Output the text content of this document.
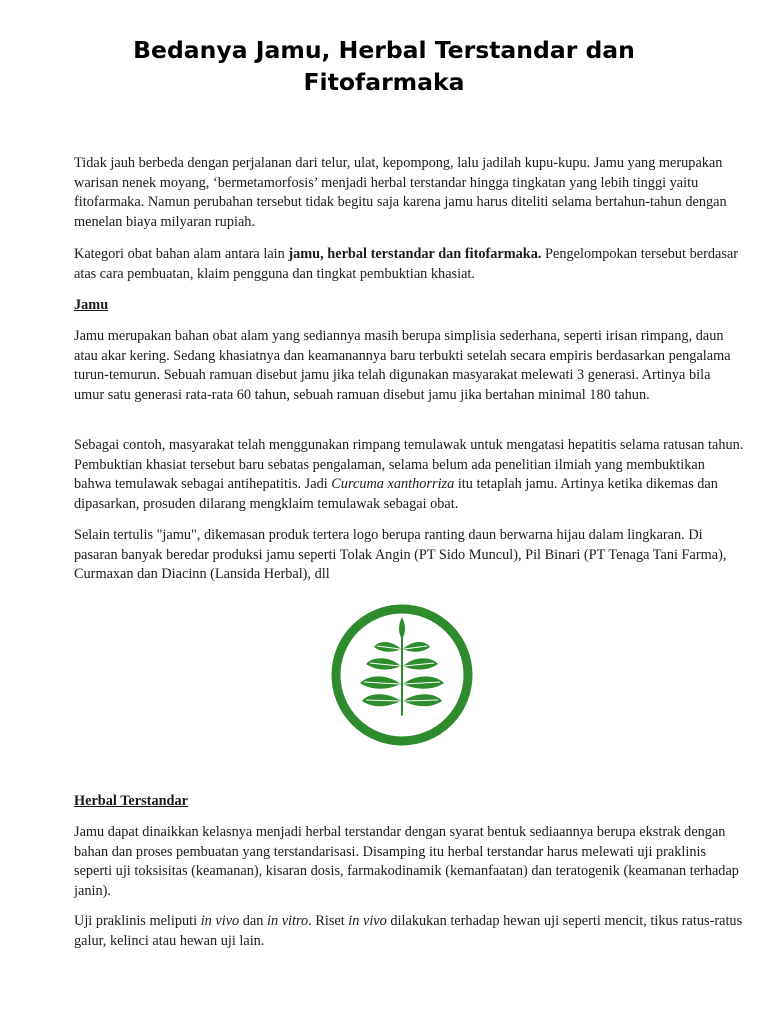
Bedanya Jamu, Herbal Terstandar dan
Fitofarmaka

Tidak jauh berbeda dengan perjalanan dari telur, ulat, kepompong, lalu jadilah kupu-kupu. Jamu yang merupakan warisan nenek moyang, ‘bermetamorfosis’ menjadi herbal terstandar hingga tingkatan yang lebih tinggi yaitu fitofarmaka. Namun perubahan tersebut tidak begitu saja karena jamu harus diteliti selama bertahun-tahun dengan menelan biaya milyaran rupiah.

Kategori obat bahan alam antara lain jamu, herbal terstandar dan fitofarmaka. Pengelompokan tersebut berdasar atas cara pembuatan, klaim pengguna dan tingkat pembuktian khasiat.

Jamu

Jamu merupakan bahan obat alam yang sediannya masih berupa simplisia sederhana, seperti irisan rimpang, daun atau akar kering. Sedang khasiatnya dan keamanannya baru terbukti setelah secara empiris berdasarkan pengalama turun-temurun. Sebuah ramuan disebut jamu jika telah digunakan masyarakat melewati 3 generasi. Artinya bila umur satu generasi rata-rata 60 tahun, sebuah ramuan disebut jamu jika bertahan minimal 180 tahun.

Sebagai contoh, masyarakat telah menggunakan rimpang temulawak untuk mengatasi hepatitis selama ratusan tahun. Pembuktian khasiat tersebut baru sebatas pengalaman, selama belum ada penelitian ilmiah yang membuktikan bahwa temulawak sebagai antihepatitis. Jadi Curcuma xanthorriza itu tetaplah jamu. Artinya ketika dikemas dan dipasarkan, prosuden dilarang mengklaim temulawak sebagai obat.

Selain tertulis "jamu", dikemasan produk tertera logo berupa ranting daun berwarna hijau dalam lingkaran. Di pasaran banyak beredar produksi jamu seperti Tolak Angin (PT Sido Muncul), Pil Binari (PT Tenaga Tani Farma), Curmaxan dan Diacinn (Lansida Herbal), dll

Herbal Terstandar

Jamu dapat dinaikkan kelasnya menjadi herbal terstandar dengan syarat bentuk sediaannya berupa ekstrak dengan bahan dan proses pembuatan yang terstandarisasi. Disamping itu herbal terstandar harus melewati uji praklinis seperti uji toksisitas (keamanan), kisaran dosis, farmakodinamik (kemanfaatan) dan teratogenik (keamanan terhadap janin).

Uji praklinis meliputi in vivo dan in vitro. Riset in vivo dilakukan terhadap hewan uji seperti mencit, tikus ratus-ratus galur, kelinci atau hewan uji lain.
